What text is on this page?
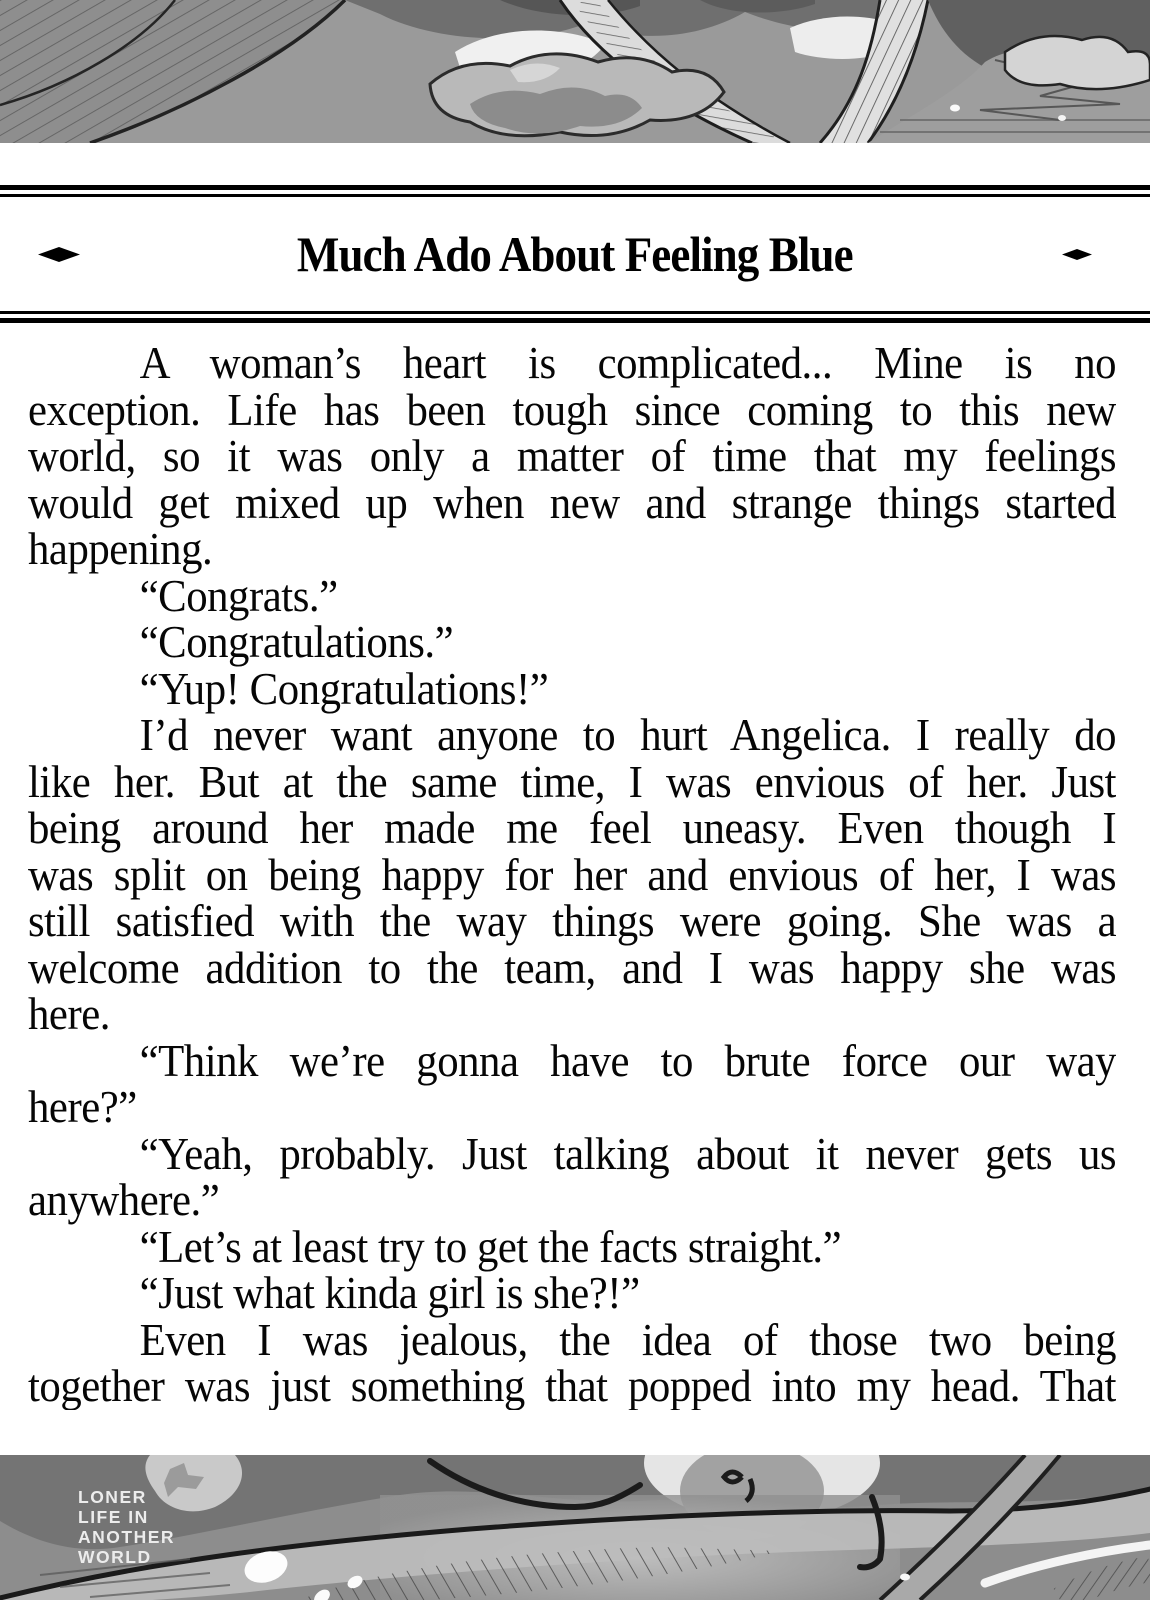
Much Ado About Feeling Blue
A woman’s heart is complicated... Mine is no
exception. Life has been tough since coming to this new
world, so it was only a matter of time that my feelings
would get mixed up when new and strange things started
happening.
“Congrats.”
“Congratulations.”
“Yup! Congratulations!”
I’d never want anyone to hurt Angelica. I really do
like her. But at the same time, I was envious of her. Just
being around her made me feel uneasy. Even though I
was split on being happy for her and envious of her, I was
still satisfied with the way things were going. She was a
welcome addition to the team, and I was happy she was
here.
“Think we’re gonna have to brute force our way
here?”
“Yeah, probably. Just talking about it never gets us
anywhere.”
“Let’s at least try to get the facts straight.”
“Just what kinda girl is she?!”
Even I was jealous, the idea of those two being
together was just something that popped into my head. That
LONER
LIFE IN
ANOTHER
WORLD
